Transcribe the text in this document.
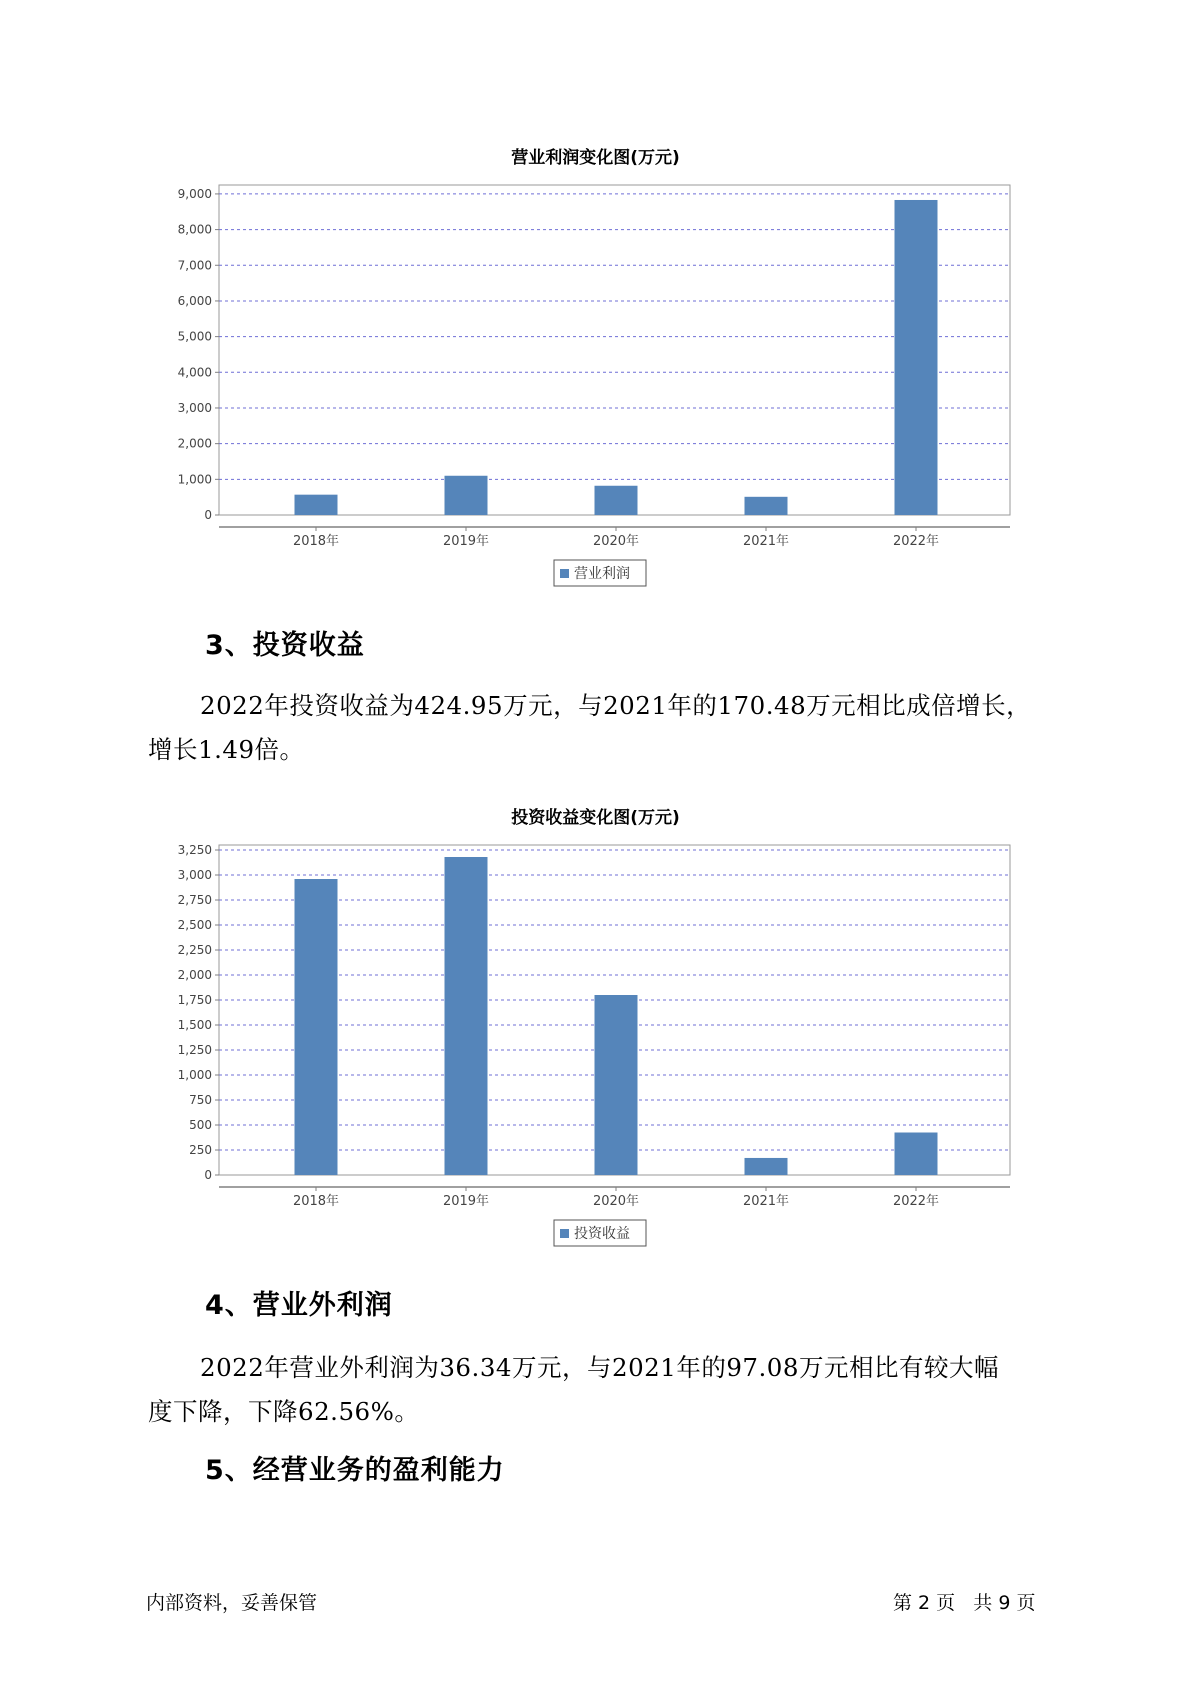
营业利润变化图(万元)
0
1,000
2,000
3,000
4,000
5,000
6,000
7,000
8,000
9,000
2018年	2019年	2020年	2021年	2022年
营业利润
3、投资收益
2022年投资收益为424.95万元，与2021年的170.48万元相比成倍增长，
增长1.49倍。
投资收益变化图(万元)
0
250
500
750
1,000
1,250
1,500
1,750
2,000
2,250
2,500
2,750
3,000
3,250
2018年	2019年	2020年	2021年	2022年
投资收益
4、营业外利润
2022年营业外利润为36.34万元，与2021年的97.08万元相比有较大幅
度下降，下降62.56%。
5、经营业务的盈利能力
内部资料，妥善保管	第 2 页   共 9 页
